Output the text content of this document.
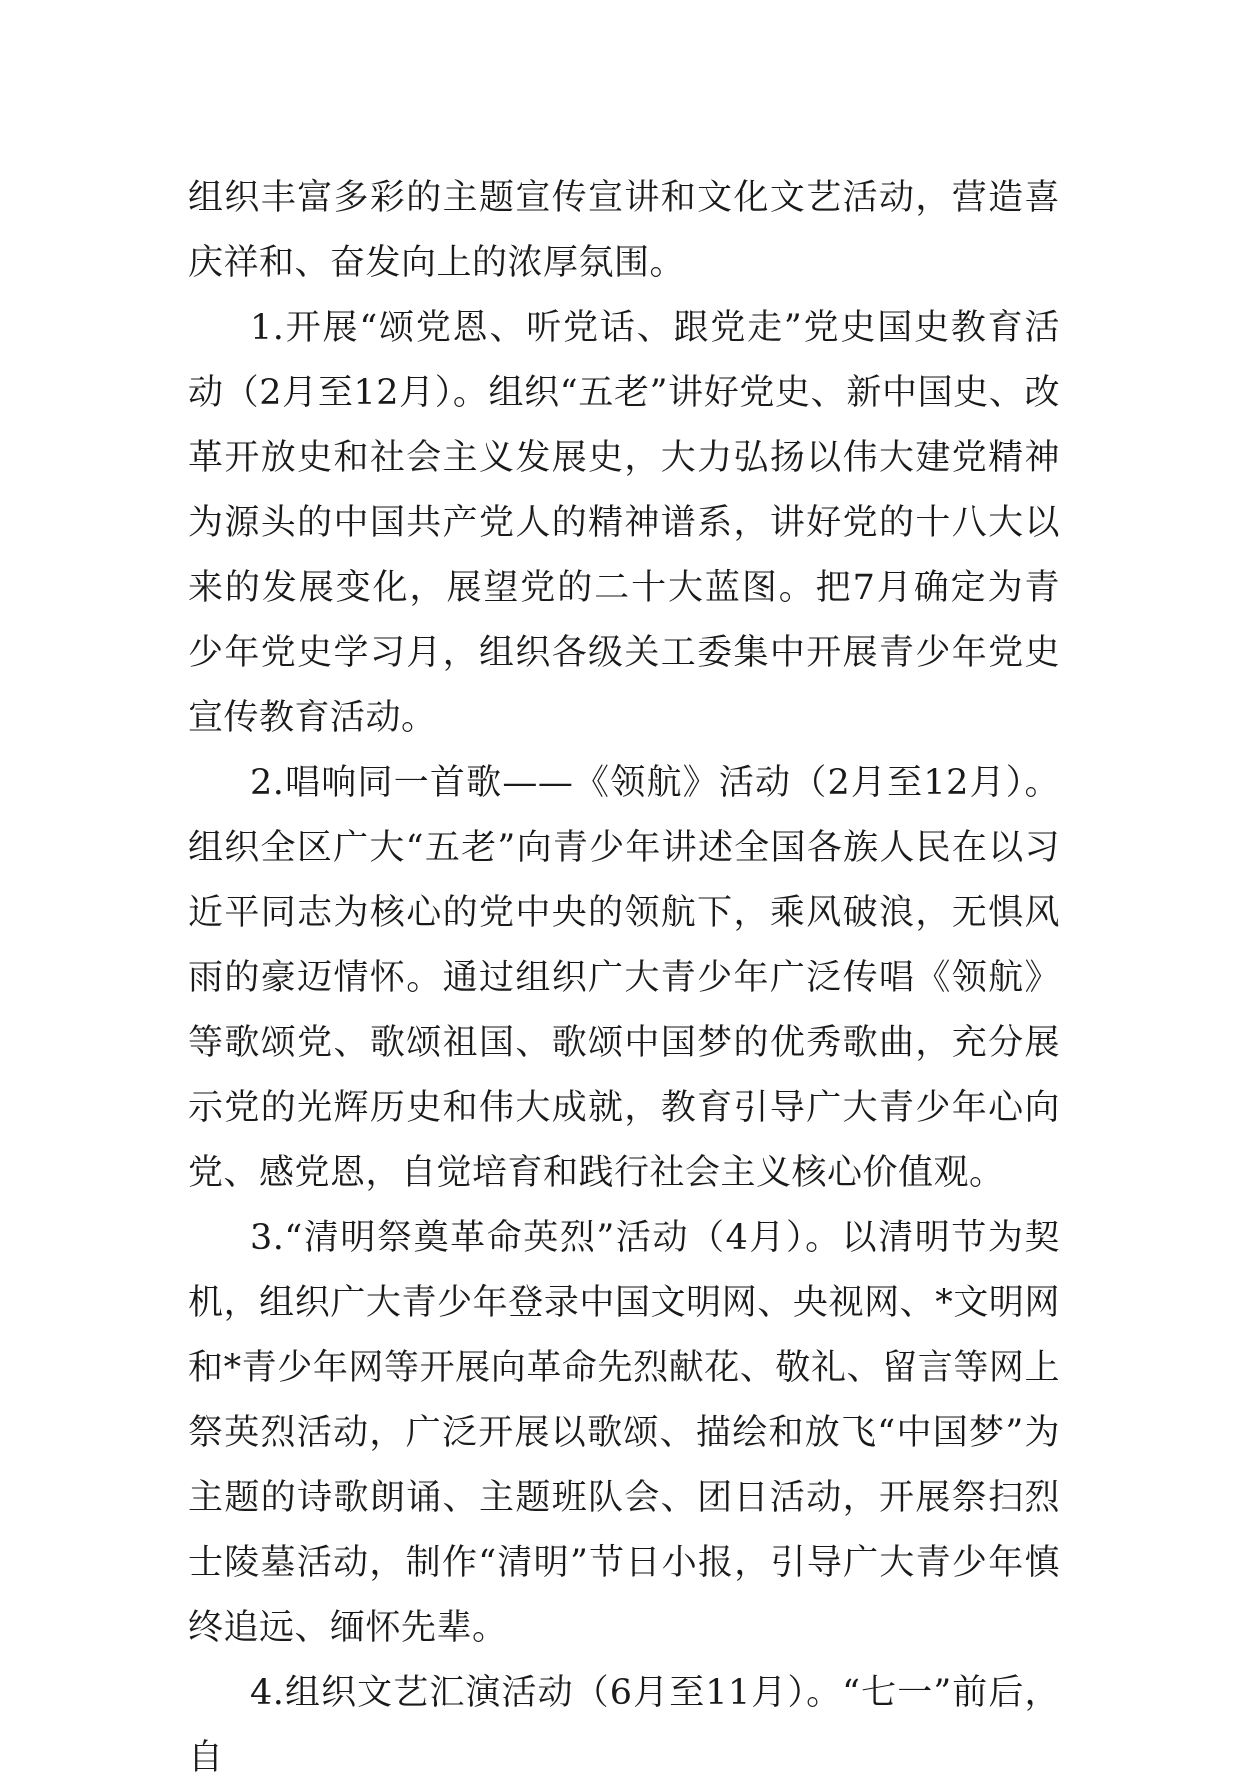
组织丰富多彩的主题宣传宣讲和文化文艺活动，营造喜庆祥和、奋发向上的浓厚氛围。

1.开展“颂党恩、听党话、跟党走”党史国史教育活动（2月至12月）。组织“五老”讲好党史、新中国史、改革开放史和社会主义发展史，大力弘扬以伟大建党精神为源头的中国共产党人的精神谱系，讲好党的十八大以来的发展变化，展望党的二十大蓝图。把7月确定为青少年党史学习月，组织各级关工委集中开展青少年党史宣传教育活动。

2.唱响同一首歌——《领航》活动（2月至12月）。组织全区广大“五老”向青少年讲述全国各族人民在以习近平同志为核心的党中央的领航下，乘风破浪，无惧风雨的豪迈情怀。通过组织广大青少年广泛传唱《领航》等歌颂党、歌颂祖国、歌颂中国梦的优秀歌曲，充分展示党的光辉历史和伟大成就，教育引导广大青少年心向党、感党恩，自觉培育和践行社会主义核心价值观。

3.“清明祭奠革命英烈”活动（4月）。以清明节为契机，组织广大青少年登录中国文明网、央视网、*文明网和*青少年网等开展向革命先烈献花、敬礼、留言等网上祭英烈活动，广泛开展以歌颂、描绘和放飞“中国梦”为主题的诗歌朗诵、主题班队会、团日活动，开展祭扫烈士陵墓活动，制作“清明”节日小报，引导广大青少年慎终追远、缅怀先辈。

4.组织文艺汇演活动（6月至11月）。“七一”前后，自
